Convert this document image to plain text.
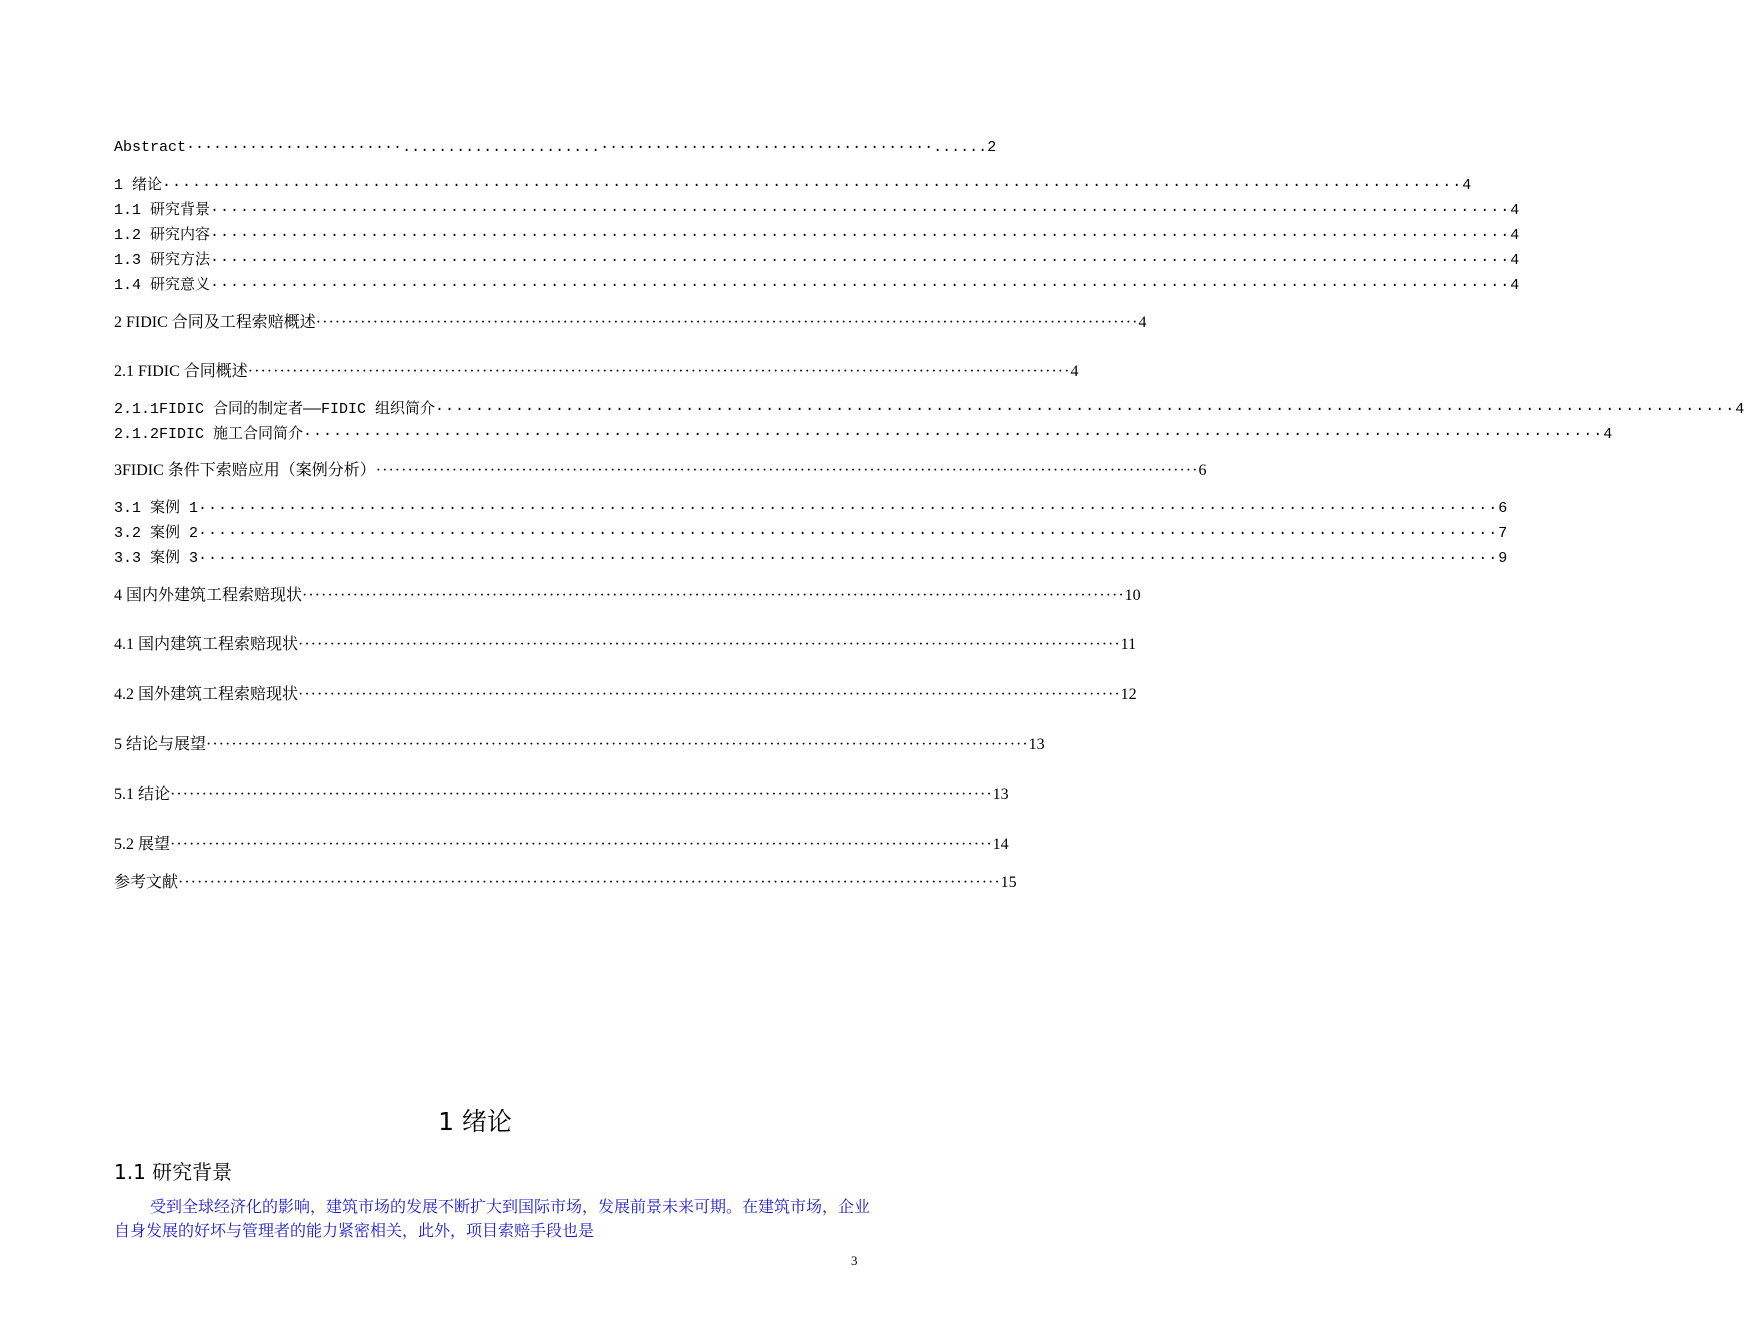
Abstract ························ ...................... ····································· ...... 2
1 绪论 ·····	4
1.1 研究背景 ·····	4
1.2 研究内容 ·····	4
1.3 研究方法 ·····	4
1.4 研究意义 ·····	4
2 FIDIC 合同及工程索赔概述 ·····	4
2.1 FIDIC 合同概述 ·····	4
2.1.1FIDIC 合同的制定者——FIDIC 组织简介 ·····	4
2.1.2FIDIC 施工合同简介 ·····	4
3FIDIC 条件下索赔应用（案例分析） ·····	6
3.1 案例 1 ·····	6
3.2 案例 2 ·····	7
3.3 案例 3 ·····	9
4 国内外建筑工程索赔现状 ·····	10
4.1 国内建筑工程索赔现状 ·····	11
4.2 国外建筑工程索赔现状 ·····	12
5 结论与展望 ·····	13
5.1 结论 ·····	13
5.2 展望 ·····	14
参考文献 ·····	15
1 绪论
1.1 研究背景
受到全球经济化的影响，建筑市场的发展不断扩大到国际市场，发展前景未来可期。在建筑市场，企业自身发展的好坏与管理者的能力紧密相关，此外，项目索赔手段也是
3
